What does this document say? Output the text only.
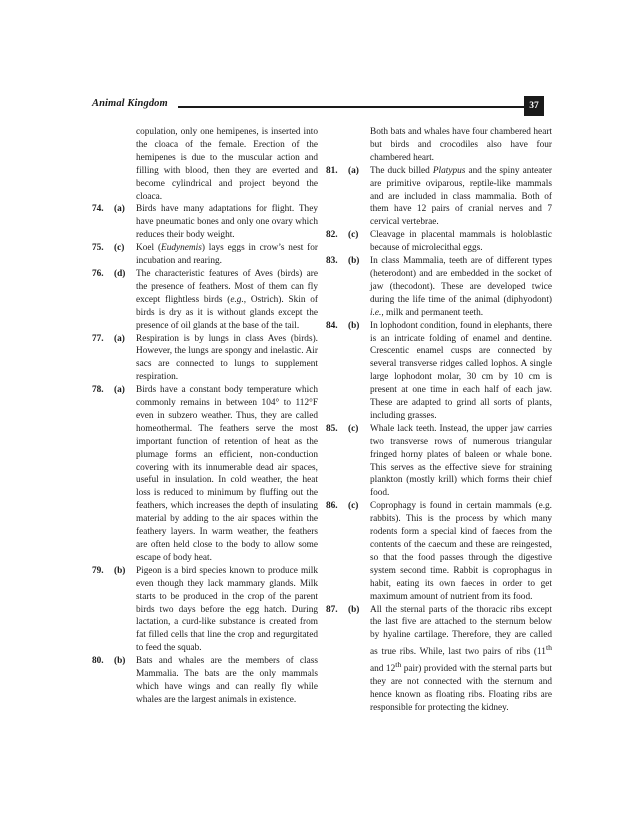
Animal Kingdom	37
copulation, only one hemipenes, is inserted into the cloaca of the female. Erection of the hemipenes is due to the muscular action and filling with blood, then they are everted and become cylindrical and project beyond the cloaca.
74. (a) Birds have many adaptations for flight. They have pneumatic bones and only one ovary which reduces their body weight.
75. (c) Koel (Eudynemis) lays eggs in crow’s nest for incubation and rearing.
76. (d) The characteristic features of Aves (birds) are the presence of feathers. Most of them can fly except flightless birds (e.g., Ostrich). Skin of birds is dry as it is without glands except the presence of oil glands at the base of the tail.
77. (a) Respiration is by lungs in class Aves (birds). However, the lungs are spongy and inelastic. Air sacs are connected to lungs to supplement respiration.
78. (a) Birds have a constant body temperature which commonly remains in between 104° to 112°F even in subzero weather. Thus, they are called homeothermal. The feathers serve the most important function of retention of heat as the plumage forms an efficient, non-conduction covering with its innumerable dead air spaces, useful in insulation. In cold weather, the heat loss is reduced to minimum by fluffing out the feathers, which increases the depth of insulating material by adding to the air spaces within the feathery layers. In warm weather, the feathers are often held close to the body to allow some escape of body heat.
79. (b) Pigeon is a bird species known to produce milk even though they lack mammary glands. Milk starts to be produced in the crop of the parent birds two days before the egg hatch. During lactation, a curd-like substance is created from fat filled cells that line the crop and regurgitated to feed the squab.
80. (b) Bats and whales are the members of class Mammalia. The bats are the only mammals which have wings and can really fly while whales are the largest animals in existence.
Both bats and whales have four chambered heart but birds and crocodiles also have four chambered heart.
81. (a) The duck billed Platypus and the spiny anteater are primitive oviparous, reptile-like mammals and are included in class mammalia. Both of them have 12 pairs of cranial nerves and 7 cervical vertebrae.
82. (c) Cleavage in placental mammals is holoblastic because of microlecithal eggs.
83. (b) In class Mammalia, teeth are of different types (heterodont) and are embedded in the socket of jaw (thecodont). These are developed twice during the life time of the animal (diphyodont) i.e., milk and permanent teeth.
84. (b) In lophodont condition, found in elephants, there is an intricate folding of enamel and dentine. Crescentic enamel cusps are connected by several transverse ridges called lophos. A single large lophodont molar, 30 cm by 10 cm is present at one time in each half of each jaw. These are adapted to grind all sorts of plants, including grasses.
85. (c) Whale lack teeth. Instead, the upper jaw carries two transverse rows of numerous triangular fringed horny plates of baleen or whale bone. This serves as the effective sieve for straining plankton (mostly krill) which forms their chief food.
86. (c) Coprophagy is found in certain mammals (e.g. rabbits). This is the process by which many rodents form a special kind of faeces from the contents of the caecum and these are reingested, so that the food passes through the digestive system second time. Rabbit is coprophagus in habit, eating its own faeces in order to get maximum amount of nutrient from its food.
87. (b) All the sternal parts of the thoracic ribs except the last five are attached to the sternum below by hyaline cartilage. Therefore, they are called as true ribs. While, last two pairs of ribs (11th and 12th pair) provided with the sternal parts but they are not connected with the sternum and hence known as floating ribs. Floating ribs are responsible for protecting the kidney.
